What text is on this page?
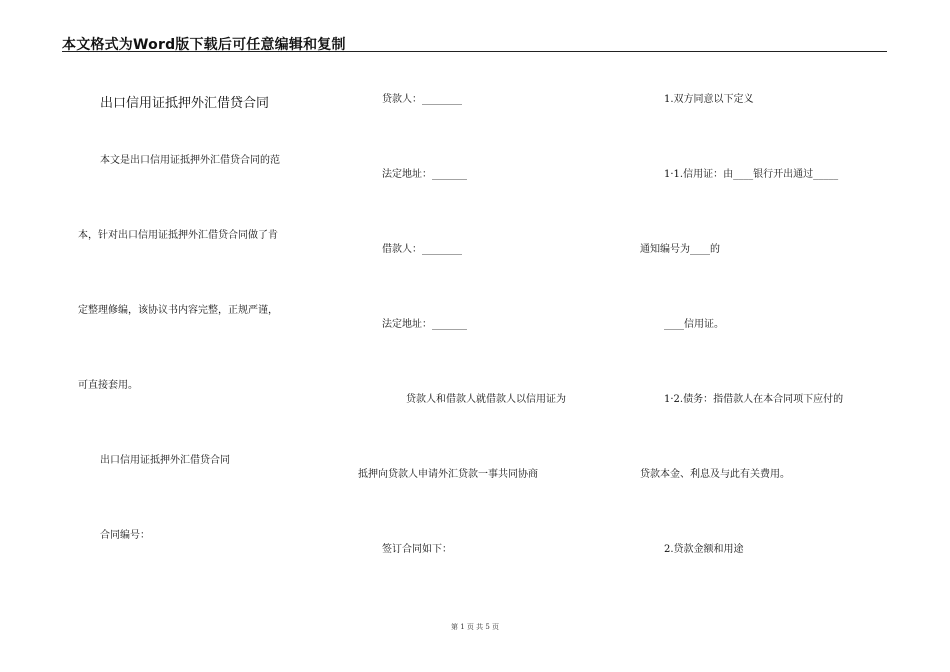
本文格式为Word版下载后可任意编辑和复制
出口信用证抵押外汇借贷合同
本文是出口信用证抵押外汇借贷合同的范
本，针对出口信用证抵押外汇借贷合同做了肯
定整理修编，该协议书内容完整，正规严谨，
可直接套用。
出口信用证抵押外汇借贷合同
合同编号：
贷款人：________
法定地址：_______
借款人：________
法定地址：_______
贷款人和借款人就借款人以信用证为
抵押向贷款人申请外汇贷款一事共同协商
签订合同如下：
1.双方同意以下定义
1·1.信用证：由____银行开出通过_____
通知编号为____的
____信用证。
1·2.债务：指借款人在本合同项下应付的
贷款本金、利息及与此有关费用。
2.贷款金额和用途
第 1 页 共 5 页
